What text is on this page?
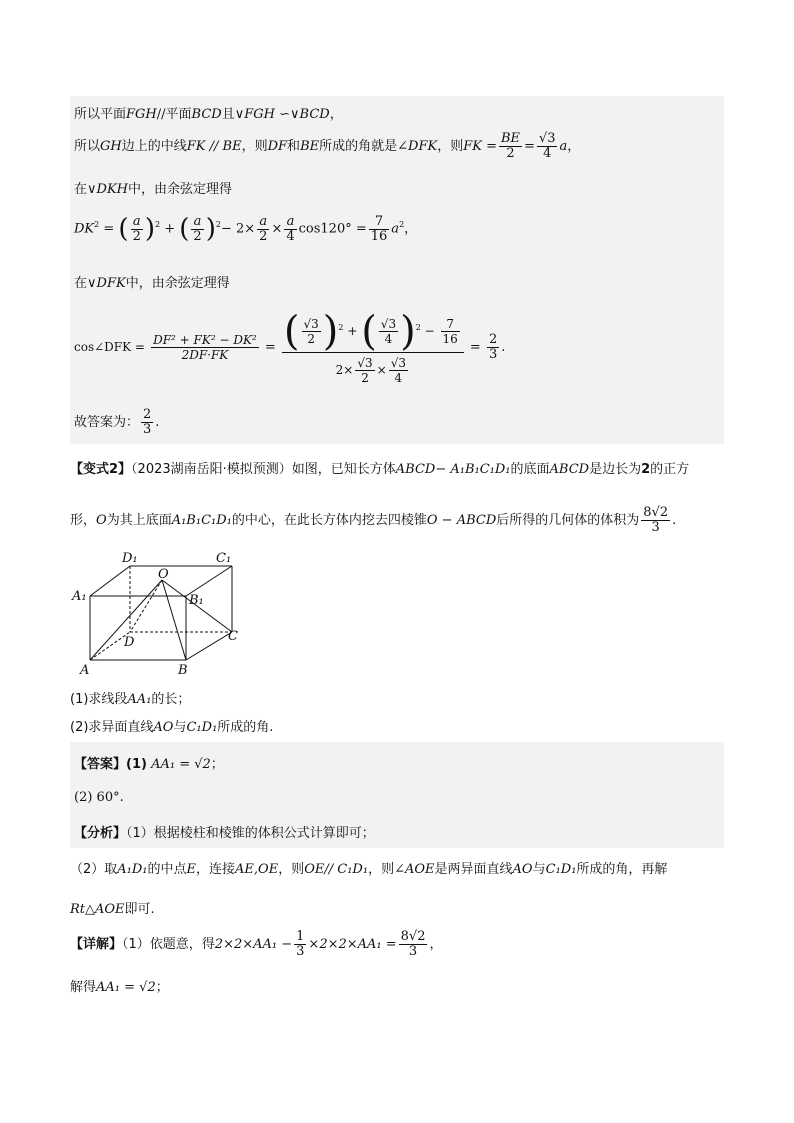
所以平面FGH//平面BCD且∨FGH ∽∨BCD，
所以GH边上的中线FK // BE，则DF和BE所成的角就是∠DFK，则FK = $\frac{BE}{2} = \frac{√3}{4}$ a，
在∨DKH中，由余弦定理得
$DK^2$ = ( $\frac{a}{2} )^2$ + ( $\frac{a}{2} )^2- 2\times \frac{a}{2} \times \frac{a}{4} \cos 120^\circ = \frac{7}{16} a^2$，
在∨DFK中，由余弦定理得
cos∠DFK = $\frac{\text{DF² + FK² − DK²}}{2DF\cdot FK} = \frac{( \frac{√3}{2} )^2 + ( \frac{√3}{4} )^2 - \frac{7}{16}}{2\times \frac{√3}{2} \times \frac{√3}{4}} = \frac{2}{3}$ .
故答案为： $\frac{2}{3}$ .
【变式2】（2023湖南岳阳·模拟预测）如图，已知长方体ABCD− A₁B₁C₁D₁的底面ABCD是边长为2的正方
形，O为其上底面A₁B₁C₁D₁的中心，在此长方体内挖去四棱锥O − ABCD后所得的几何体的体积为 $\frac{8√2}{3}$ .
D₁	C₁
O
A₁	B₁
D	C
A	B
(1)求线段AA₁的长；
(2)求异面直线AO与C₁D₁所成的角.
【答案】(1) AA₁ = √2；
(2) 60°.
【分析】（1）根据棱柱和棱锥的体积公式计算即可；
（2）取A₁D₁的中点E，连接AE,OE，则OE// C₁D₁，则∠AOE是两异面直线AO与C₁D₁所成的角，再解
Rt△AOE即可.
【详解】（1）依题意，得$2\times 2\times AA_1 - \frac{1}{3} \times 2\times 2\times AA_1 = \frac{8√2}{3}$ ，
解得AA₁ = √2；
